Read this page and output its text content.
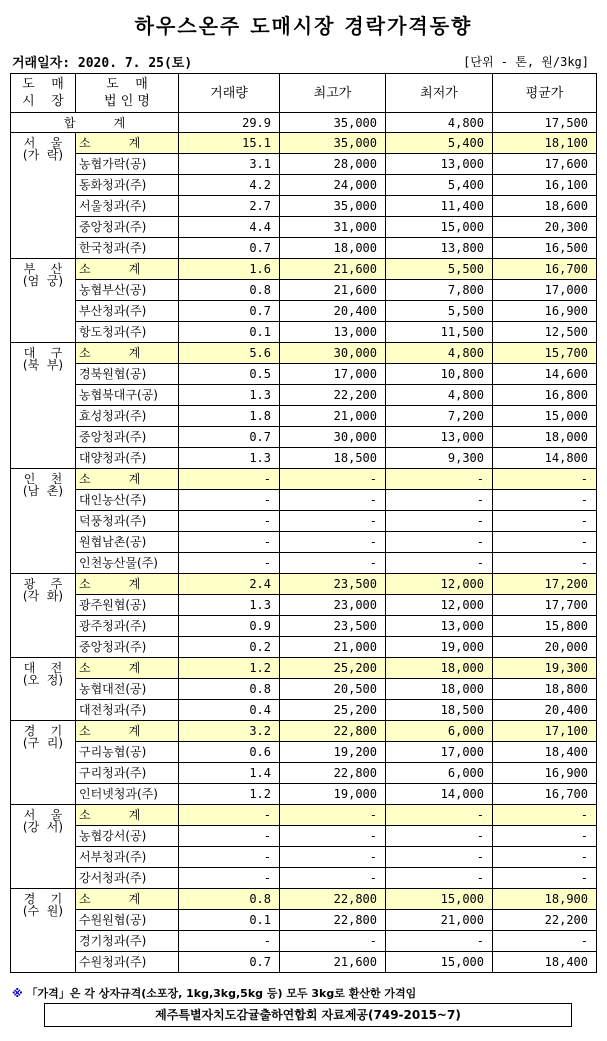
하우스온주 도매시장 경락가격동향
거래일자: 2020. 7. 25(토)	[단위 - 톤, 원/3kg]
도    매
시    장	도    매
법 인 명	거래량	최고가	최저가	평균가
합          계		29.9	35,000	4,800	17,500
서    울
(가  락)	소          계	15.1	35,000	5,400	18,100
	농협가락(공)	3.1	28,000	13,000	17,600
	동화청과(주)	4.2	24,000	5,400	16,100
	서울청과(주)	2.7	35,000	11,400	18,600
	중앙청과(주)	4.4	31,000	15,000	20,300
	한국청과(주)	0.7	18,000	13,800	16,500
부    산
(엄  궁)	소          계	1.6	21,600	5,500	16,700
	농협부산(공)	0.8	21,600	7,800	17,000
	부산청과(주)	0.7	20,400	5,500	16,900
	항도청과(주)	0.1	13,000	11,500	12,500
대    구
(북  부)	소          계	5.6	30,000	4,800	15,700
	경북원협(공)	0.5	17,000	10,800	14,600
	농협북대구(공)	1.3	22,200	4,800	16,800
	효성청과(주)	1.8	21,000	7,200	15,000
	중앙청과(주)	0.7	30,000	13,000	18,000
	대양청과(주)	1.3	18,500	9,300	14,800
인    천
(남  촌)	소          계	-	-	-	-
	대인농산(주)	-	-	-	-
	덕풍청과(주)	-	-	-	-
	원협남촌(공)	-	-	-	-
	인천농산물(주)	-	-	-	-
광    주
(각  화)	소          계	2.4	23,500	12,000	17,200
	광주원협(공)	1.3	23,000	12,000	17,700
	광주청과(주)	0.9	23,500	13,000	15,800
	중앙청과(주)	0.2	21,000	19,000	20,000
대    전
(오  정)	소          계	1.2	25,200	18,000	19,300
	농협대전(공)	0.8	20,500	18,000	18,800
	대전청과(주)	0.4	25,200	18,500	20,400
경    기
(구  리)	소          계	3.2	22,800	6,000	17,100
	구리농협(공)	0.6	19,200	17,000	18,400
	구리청과(주)	1.4	22,800	6,000	16,900
	인터넷청과(주)	1.2	19,000	14,000	16,700
서    울
(강  서)	소          계	-	-	-	-
	농협강서(공)	-	-	-	-
	서부청과(주)	-	-	-	-
	강서청과(주)	-	-	-	-
경    기
(수  원)	소          계	0.8	22,800	15,000	18,900
	수원원협(공)	0.1	22,800	21,000	22,200
	경기청과(주)	-	-	-	-
	수원청과(주)	0.7	21,600	15,000	18,400
※ 「가격」은 각 상자규격(소포장, 1kg,3kg,5kg 등) 모두 3kg로 환산한 가격임
제주특별자치도감귤출하연합회 자료제공(749-2015~7)
